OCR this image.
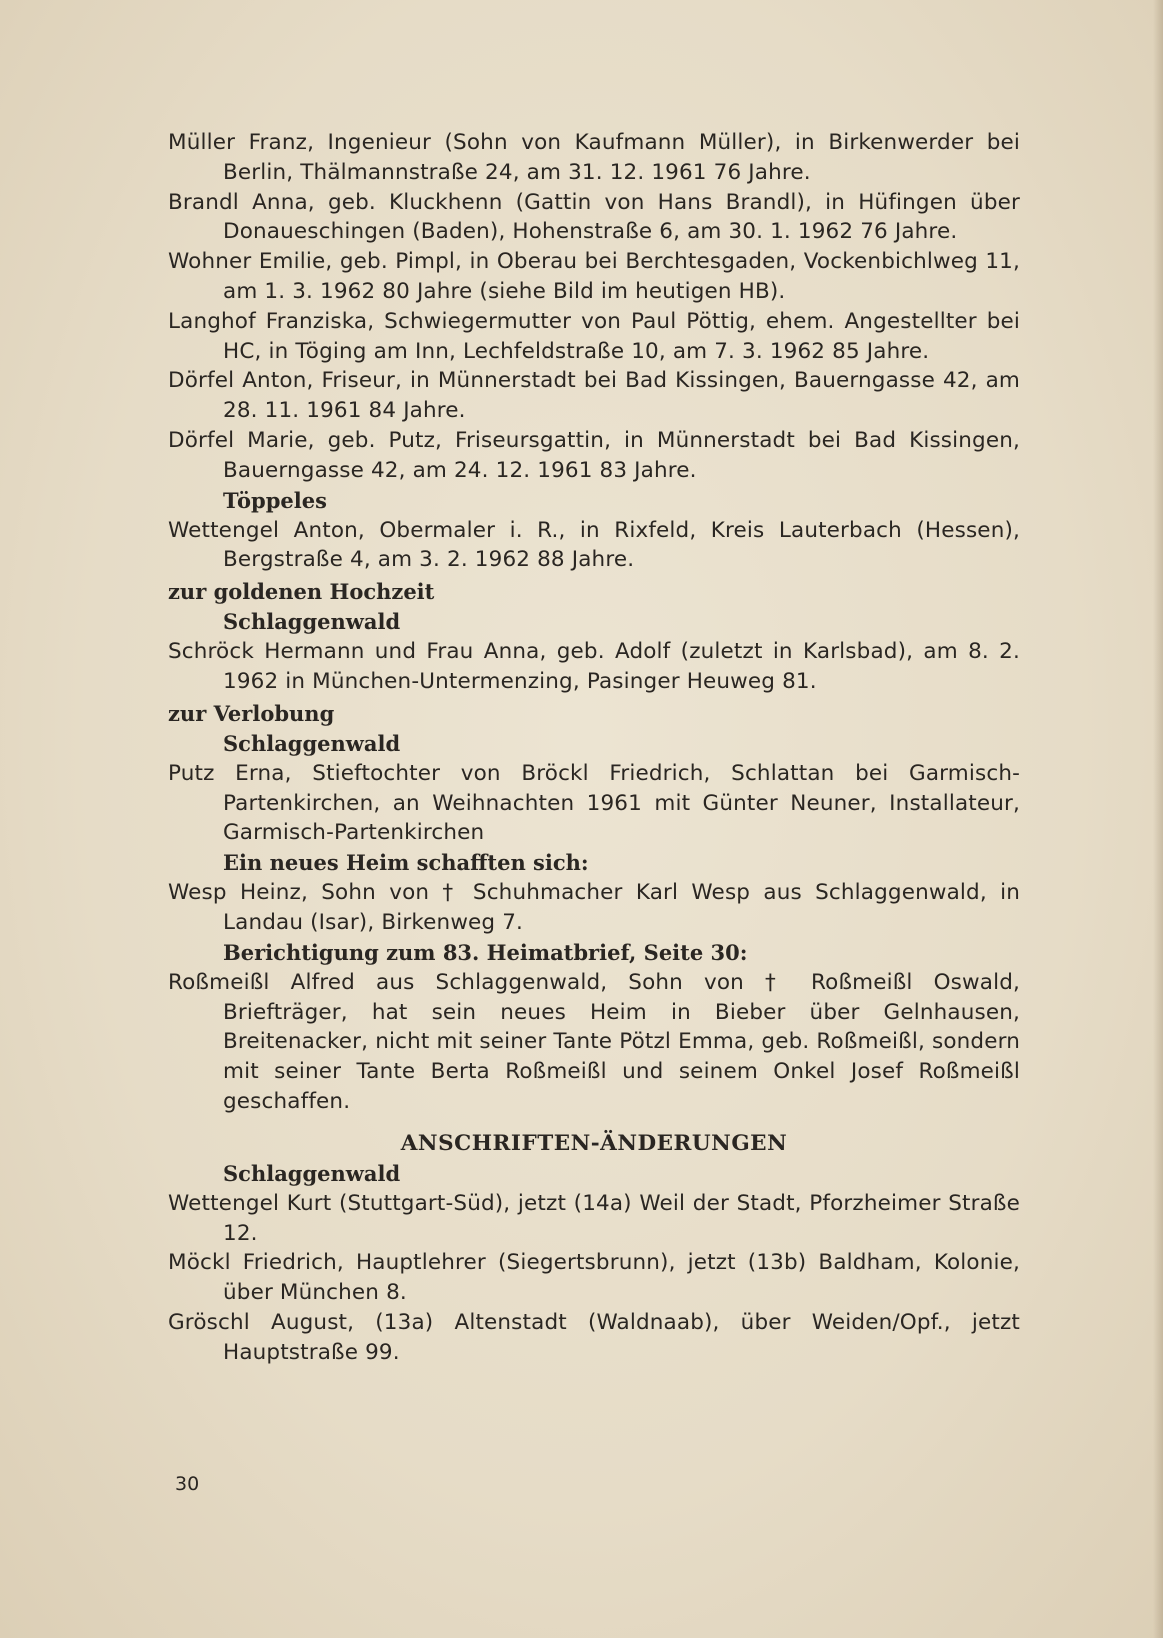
Müller Franz, Ingenieur (Sohn von Kaufmann Müller), in Birkenwerder bei Berlin, Thälmannstraße 24, am 31. 12. 1961 76 Jahre.

Brandl Anna, geb. Kluckhenn (Gattin von Hans Brandl), in Hüfingen über Donaueschingen (Baden), Hohenstraße 6, am 30. 1. 1962 76 Jahre.

Wohner Emilie, geb. Pimpl, in Oberau bei Berchtesgaden, Vockenbichlweg 11, am 1. 3. 1962 80 Jahre (siehe Bild im heutigen HB).

Langhof Franziska, Schwiegermutter von Paul Pöttig, ehem. Angestellter bei HC, in Töging am Inn, Lechfeldstraße 10, am 7. 3. 1962 85 Jahre.

Dörfel Anton, Friseur, in Münnerstadt bei Bad Kissingen, Bauerngasse 42, am 28. 11. 1961 84 Jahre.

Dörfel Marie, geb. Putz, Friseursgattin, in Münnerstadt bei Bad Kissingen, Bauerngasse 42, am 24. 12. 1961 83 Jahre.

Töppeles

Wettengel Anton, Obermaler i. R., in Rixfeld, Kreis Lauterbach (Hessen), Bergstraße 4, am 3. 2. 1962 88 Jahre.

zur goldenen Hochzeit

Schlaggenwald

Schröck Hermann und Frau Anna, geb. Adolf (zuletzt in Karlsbad), am 8. 2. 1962 in München-Untermenzing, Pasinger Heuweg 81.

zur Verlobung

Schlaggenwald

Putz Erna, Stieftochter von Bröckl Friedrich, Schlattan bei Garmisch-Partenkirchen, an Weihnachten 1961 mit Günter Neuner, Installateur, Garmisch-Partenkirchen

Ein neues Heim schafften sich:

Wesp Heinz, Sohn von † Schuhmacher Karl Wesp aus Schlaggenwald, in Landau (Isar), Birkenweg 7.

Berichtigung zum 83. Heimatbrief, Seite 30:

Roßmeißl Alfred aus Schlaggenwald, Sohn von † Roßmeißl Oswald, Briefträger, hat sein neues Heim in Bieber über Gelnhausen, Breitenacker, nicht mit seiner Tante Pötzl Emma, geb. Roßmeißl, sondern mit seiner Tante Berta Roßmeißl und seinem Onkel Josef Roßmeißl geschaffen.

ANSCHRIFTEN-ÄNDERUNGEN

Schlaggenwald

Wettengel Kurt (Stuttgart-Süd), jetzt (14a) Weil der Stadt, Pforzheimer Straße 12.

Möckl Friedrich, Hauptlehrer (Siegertsbrunn), jetzt (13b) Baldham, Kolonie, über München 8.

Gröschl August, (13a) Altenstadt (Waldnaab), über Weiden/Opf., jetzt Hauptstraße 99.

30
